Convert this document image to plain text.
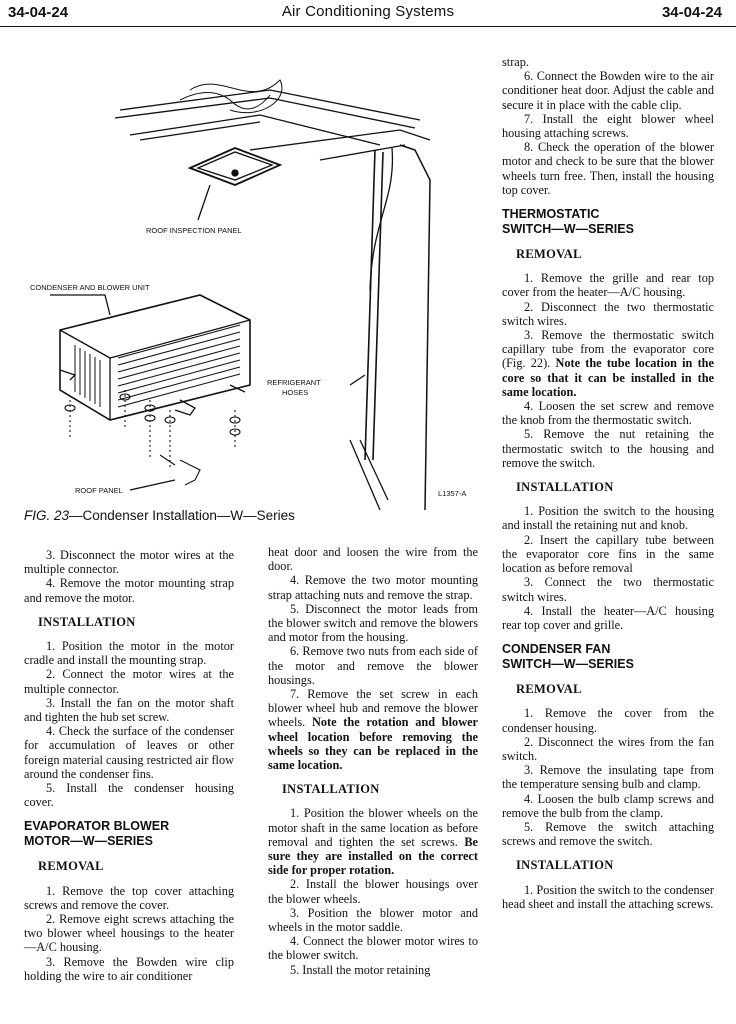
34-04-24	Air Conditioning Systems	34-04-24
ROOF INSPECTION PANEL
CONDENSER AND BLOWER UNIT
REFRIGERANT
HOSES
ROOF PANEL	L1357-A
FIG. 23—Condenser Installation—W—Series

3. Disconnect the motor wires at the multiple connector.

4. Remove the motor mounting strap and remove the motor.

INSTALLATION

1. Position the motor in the motor cradle and install the mounting strap.

2. Connect the motor wires at the multiple connector.

3. Install the fan on the motor shaft and tighten the hub set screw.

4. Check the surface of the condenser for accumulation of leaves or other foreign material causing restricted air flow around the condenser fins.

5. Install the condenser housing cover.

EVAPORATOR BLOWER
MOTOR—W—SERIES
REMOVAL

1. Remove the top cover attaching screws and remove the cover.

2. Remove eight screws attaching the two blower wheel housings to the heater—A/C housing.

3. Remove the Bowden wire clip holding the wire to air conditioner

heat door and loosen the wire from the door.

4. Remove the two motor mounting strap attaching nuts and remove the strap.

5. Disconnect the motor leads from the blower switch and remove the blowers and motor from the housing.

6. Remove two nuts from each side of the motor and remove the blower housings.

7. Remove the set screw in each blower wheel hub and remove the blower wheels. Note the rotation and blower wheel location before removing the wheels so they can be replaced in the same location.

INSTALLATION

1. Position the blower wheels on the motor shaft in the same location as before removal and tighten the set screws. Be sure they are installed on the correct side for proper rotation.

2. Install the blower housings over the blower wheels.

3. Position the blower motor and wheels in the motor saddle.

4. Connect the blower motor wires to the blower switch.

5. Install the motor retaining

strap.

6. Connect the Bowden wire to the air conditioner heat door. Adjust the cable and secure it in place with the cable clip.

7. Install the eight blower wheel housing attaching screws.

8. Check the operation of the blower motor and check to be sure that the blower wheels turn free. Then, install the housing top cover.

THERMOSTATIC
SWITCH—W—SERIES
REMOVAL

1. Remove the grille and rear top cover from the heater—A/C housing.

2. Disconnect the two thermostatic switch wires.

3. Remove the thermostatic switch capillary tube from the evaporator core (Fig. 22). Note the tube location in the core so that it can be installed in the same location.

4. Loosen the set screw and remove the knob from the thermostatic switch.

5. Remove the nut retaining the thermostatic switch to the housing and remove the switch.

INSTALLATION

1. Position the switch to the housing and install the retaining nut and knob.

2. Insert the capillary tube between the evaporator core fins in the same location as before removal

3. Connect the two thermostatic switch wires.

4. Install the heater—A/C housing rear top cover and grille.

CONDENSER FAN
SWITCH—W—SERIES
REMOVAL

1. Remove the cover from the condenser housing.

2. Disconnect the wires from the fan switch.

3. Remove the insulating tape from the temperature sensing bulb and clamp.

4. Loosen the bulb clamp screws and remove the bulb from the clamp.

5. Remove the switch attaching screws and remove the switch.

INSTALLATION

1. Position the switch to the condenser head sheet and install the attaching screws.
